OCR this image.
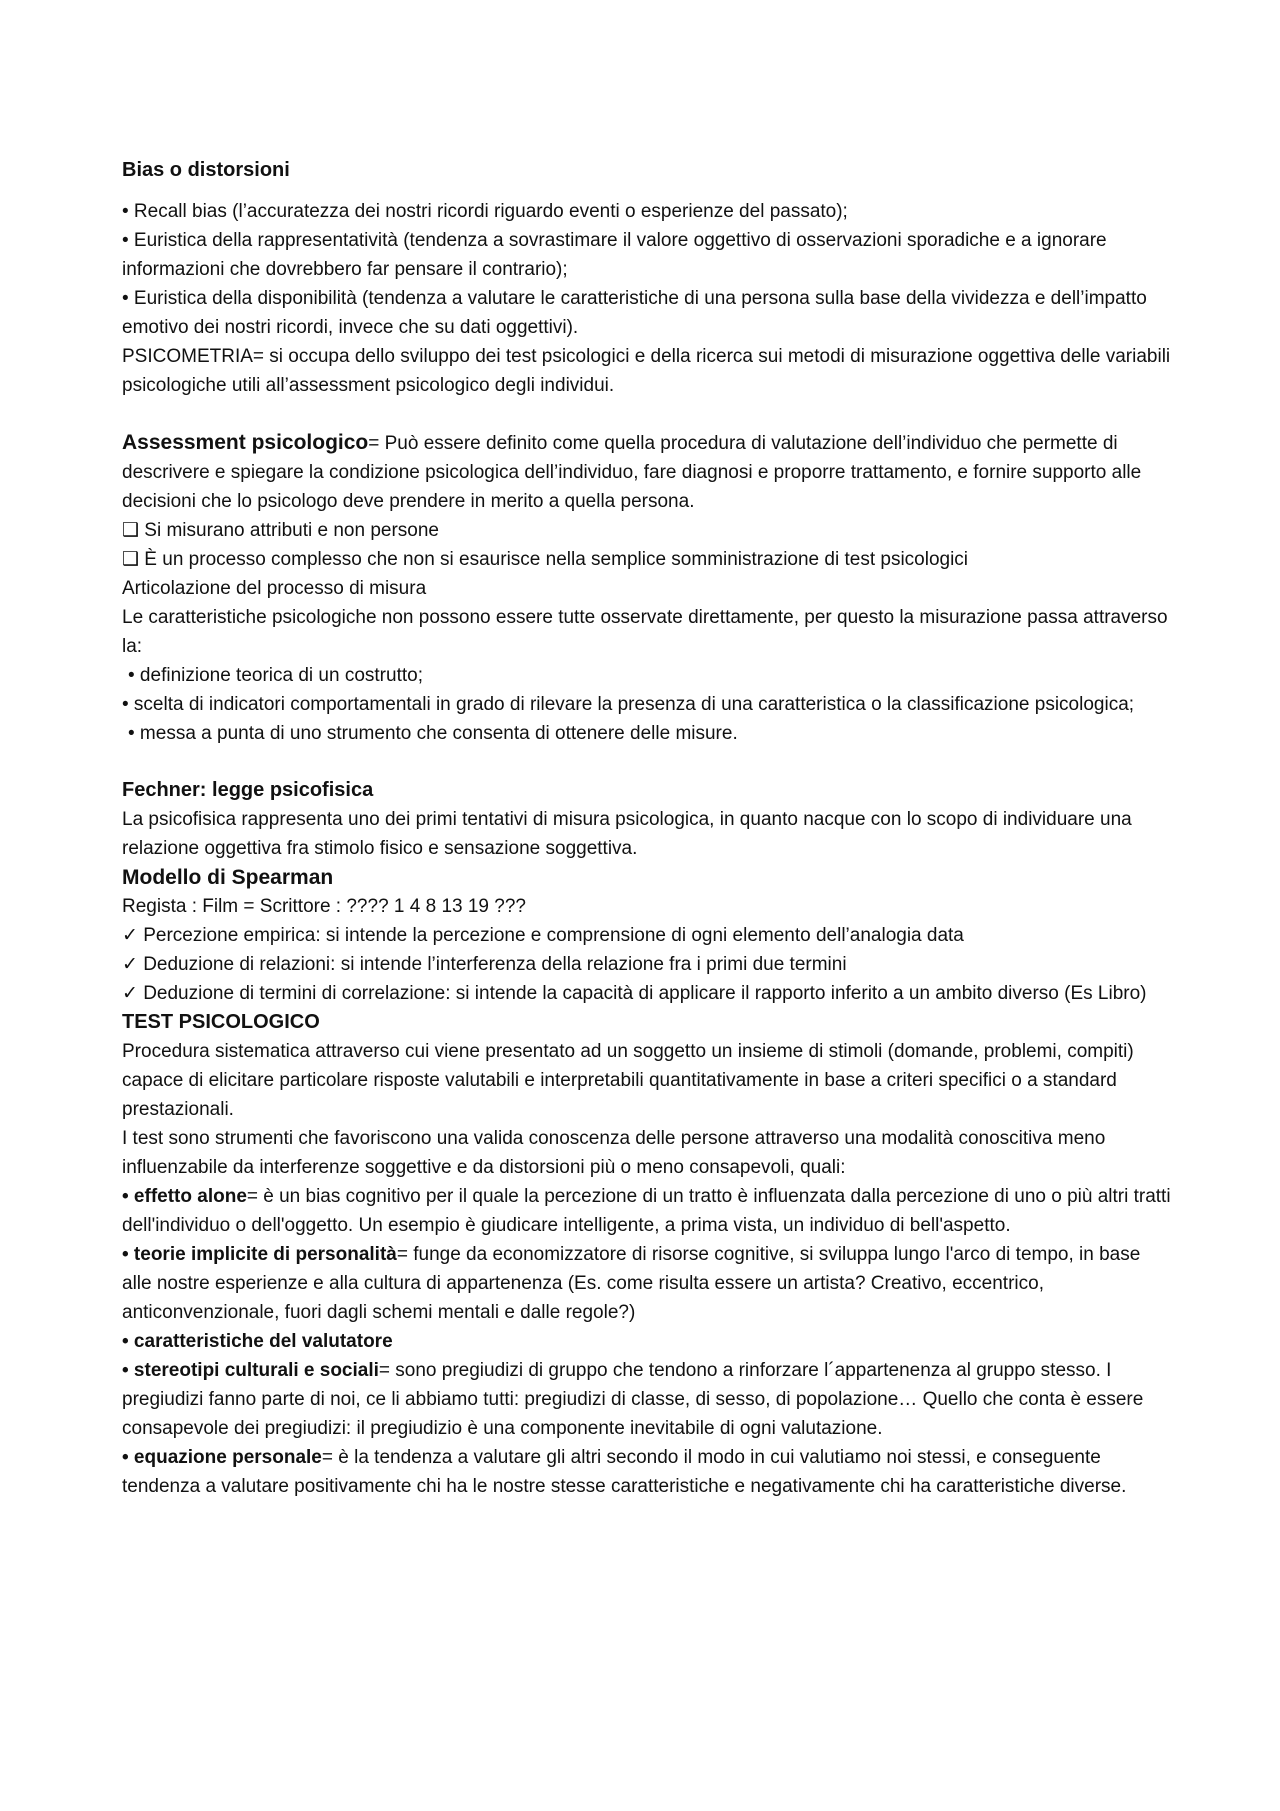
Bias o distorsioni

• Recall bias (l’accuratezza dei nostri ricordi riguardo eventi o esperienze del passato);

• Euristica della rappresentatività (tendenza a sovrastimare il valore oggettivo di osservazioni sporadiche e a ignorare informazioni che dovrebbero far pensare il contrario);

• Euristica della disponibilità (tendenza a valutare le caratteristiche di una persona sulla base della vividezza e dell’impatto emotivo dei nostri ricordi, invece che su dati oggettivi).

PSICOMETRIA= si occupa dello sviluppo dei test psicologici e della ricerca sui metodi di misurazione oggettiva delle variabili psicologiche utili all’assessment psicologico degli individui.

Assessment psicologico= Può essere definito come quella procedura di valutazione dell’individuo che permette di descrivere e spiegare la condizione psicologica dell’individuo, fare diagnosi e proporre trattamento, e fornire supporto alle decisioni che lo psicologo deve prendere in merito a quella persona.

❑ Si misurano attributi e non persone

❑ È un processo complesso che non si esaurisce nella semplice somministrazione di test psicologici

Articolazione del processo di misura

Le caratteristiche psicologiche non possono essere tutte osservate direttamente, per questo la misurazione passa attraverso la:

• definizione teorica di un costrutto;

• scelta di indicatori comportamentali in grado di rilevare la presenza di una caratteristica o la classificazione psicologica;

• messa a punta di uno strumento che consenta di ottenere delle misure.

Fechner: legge psicofisica

La psicofisica rappresenta uno dei primi tentativi di misura psicologica, in quanto nacque con lo scopo di individuare una relazione oggettiva fra stimolo fisico e sensazione soggettiva.

Modello di Spearman

Regista : Film = Scrittore : ???? 1 4 8 13 19 ???

✓ Percezione empirica: si intende la percezione e comprensione di ogni elemento dell’analogia data

✓ Deduzione di relazioni: si intende l’interferenza della relazione fra i primi due termini

✓ Deduzione di termini di correlazione: si intende la capacità di applicare il rapporto inferito a un ambito diverso (Es Libro)

TEST PSICOLOGICO

Procedura sistematica attraverso cui viene presentato ad un soggetto un insieme di stimoli (domande, problemi, compiti) capace di elicitare particolare risposte valutabili e interpretabili quantitativamente in base a criteri specifici o a standard prestazionali.

I test sono strumenti che favoriscono una valida conoscenza delle persone attraverso una modalità conoscitiva meno influenzabile da interferenze soggettive e da distorsioni più o meno consapevoli, quali:

• effetto alone= è un bias cognitivo per il quale la percezione di un tratto è influenzata dalla percezione di uno o più altri tratti dell'individuo o dell'oggetto. Un esempio è giudicare intelligente, a prima vista, un individuo di bell'aspetto.

• teorie implicite di personalità= funge da economizzatore di risorse cognitive, si sviluppa lungo l'arco di tempo, in base alle nostre esperienze e alla cultura di appartenenza (Es. come risulta essere un artista? Creativo, eccentrico, anticonvenzionale, fuori dagli schemi mentali e dalle regole?)

• caratteristiche del valutatore

• stereotipi culturali e sociali= sono pregiudizi di gruppo che tendono a rinforzare l´appartenenza al gruppo stesso. I pregiudizi fanno parte di noi, ce li abbiamo tutti: pregiudizi di classe, di sesso, di popolazione… Quello che conta è essere consapevole dei pregiudizi: il pregiudizio è una componente inevitabile di ogni valutazione.

• equazione personale= è la tendenza a valutare gli altri secondo il modo in cui valutiamo noi stessi, e conseguente tendenza a valutare positivamente chi ha le nostre stesse caratteristiche e negativamente chi ha caratteristiche diverse.
